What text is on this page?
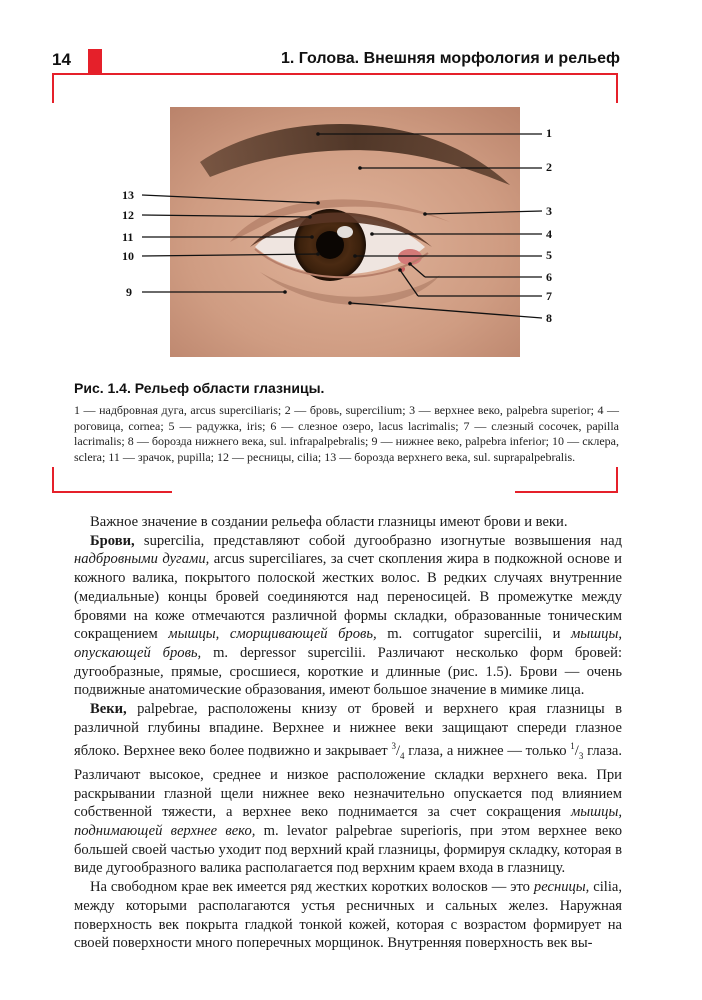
14	1. Голова. Внешняя морфология и рельеф
1
2
3
4
5
6
7
8
9
10
11
12
13
Рис. 1.4. Рельеф области глазницы.
1 — надбровная дуга, arcus superciliaris; 2 — бровь, supercilium; 3 — верхнее веко, palpebra superior; 4 — роговица, cornea; 5 — радужка, iris; 6 — слезное озеро, lacus lacrimalis; 7 — слезный сосочек, papilla lacrimalis; 8 — борозда нижнего века, sul. infrapalpebralis; 9 — нижнее веко, palpebra inferior; 10 — склера, sclera; 11 — зрачок, pupilla; 12 — ресницы, cilia; 13 — борозда верхнего века, sul. suprapalpebralis.

Важное значение в создании рельефа области глазницы имеют брови и веки.

Брови, supercilia, представляют собой дугообразно изогнутые возвышения над надбровными дугами, arcus superciliares, за счет скопления жира в подкожной основе и кожного валика, покрытого полоской жестких волос. В редких случаях внутренние (медиальные) концы бровей соединяются над переносицей. В промежутке между бровями на коже отмечаются различной формы складки, образованные тоническим сокращением мышцы, сморщивающей бровь, m. corrugator supercilii, и мышцы, опускающей бровь, m. depressor supercilii. Различают несколько форм бровей: дугообразные, прямые, сросшиеся, короткие и длинные (рис. 1.5). Брови — очень подвижные анатомические образования, имеют большое значение в мимике лица.

Веки, palpebrae, расположены книзу от бровей и верхнего края глазницы в различной глубины впадине. Верхнее и нижнее веки защищают спереди глазное яблоко. Верхнее веко более подвижно и закрывает $^3/_4$ глаза, а нижнее — только $^1/_3$ глаза. Различают высокое, среднее и низкое расположение складки верхнего века. При раскрывании глазной щели нижнее веко незначительно опускается под влиянием собственной тяжести, а верхнее веко поднимается за счет сокращения мышцы, поднимающей верхнее веко, m. levator palpebrae superioris, при этом верхнее веко большей своей частью уходит под верхний край глазницы, формируя складку, которая в виде дугообразного валика располагается под верхним краем входа в глазницу.

На свободном крае век имеется ряд жестких коротких волосков — это ресницы, cilia, между которыми располагаются устья ресничных и сальных желез. Наружная поверхность век покрыта гладкой тонкой кожей, которая с возрастом формирует на своей поверхности много поперечных морщинок. Внутренняя поверхность век вы-
